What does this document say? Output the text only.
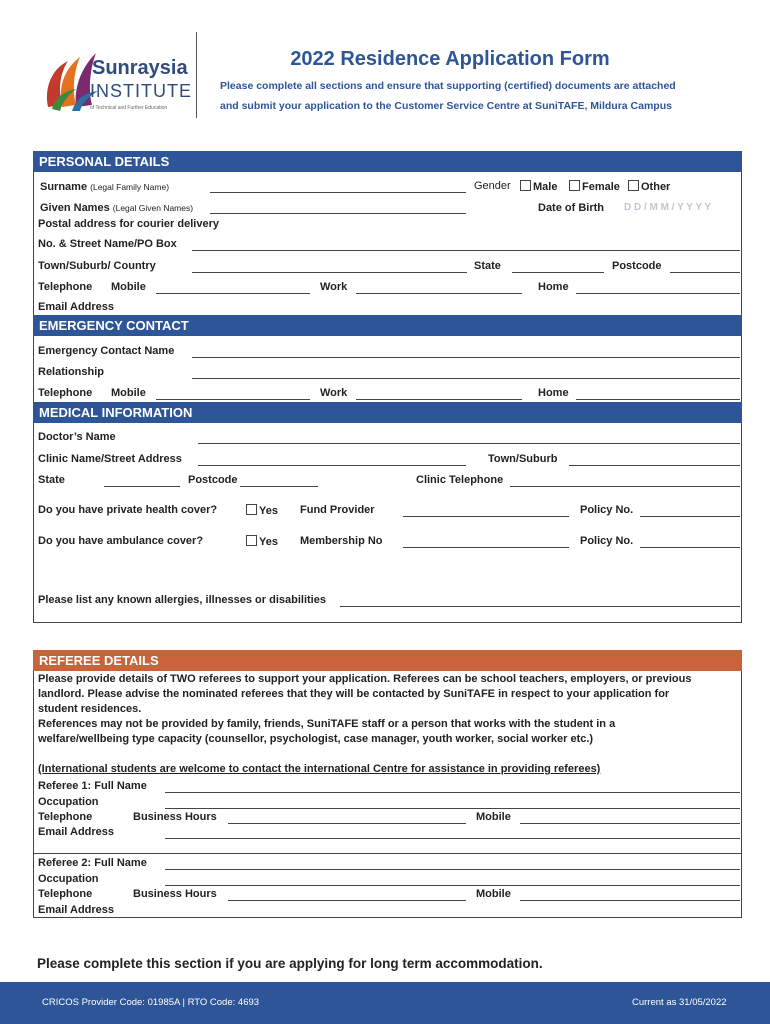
Sunraysia
INSTITUTE
of Technical and Further Education
2022 Residence Application Form
Please complete all sections and ensure that supporting (certified) documents are attached
and submit your application to the Customer Service Centre at SuniTAFE, Mildura Campus
PERSONAL DETAILS
Surname (Legal Family Name)	Gender	Male	Female	Other
Given Names (Legal Given Names)	Date of Birth D D / M M / Y Y Y Y
Postal address for courier delivery
No. & Street Name/PO Box
Town/Suburb/ Country	State	Postcode
Telephone Mobile	Work	Home
Email Address
EMERGENCY CONTACT
Emergency Contact Name
Relationship
Telephone Mobile	Work	Home
MEDICAL INFORMATION
Doctor’s Name
Clinic Name/Street Address	Town/Suburb
State	Postcode	Clinic Telephone
Do you have private health cover?	Yes Fund Provider	Policy No.
Do you have ambulance cover?	Yes Membership No	Policy No.
Please list any known allergies, illnesses or disabilities
REFEREE DETAILS
Please provide details of TWO referees to support your application. Referees can be school teachers, employers, or previous
landlord. Please advise the nominated referees that they will be contacted by SuniTAFE in respect to your application for
student residences.
References may not be provided by family, friends, SuniTAFE staff or a person that works with the student in a
welfare/wellbeing type capacity (counsellor, psychologist, case manager, youth worker, social worker etc.)
(International students are welcome to contact the international Centre for assistance in providing referees)
Referee 1: Full Name
Occupation
Telephone	Business Hours	Mobile
Email Address
Referee 2: Full Name
Occupation
Telephone	Business Hours	Mobile
Email Address
Please complete this section if you are applying for long term accommodation.
CRICOS Provider Code: 01985A | RTO Code: 4693	Current as 31/05/2022
